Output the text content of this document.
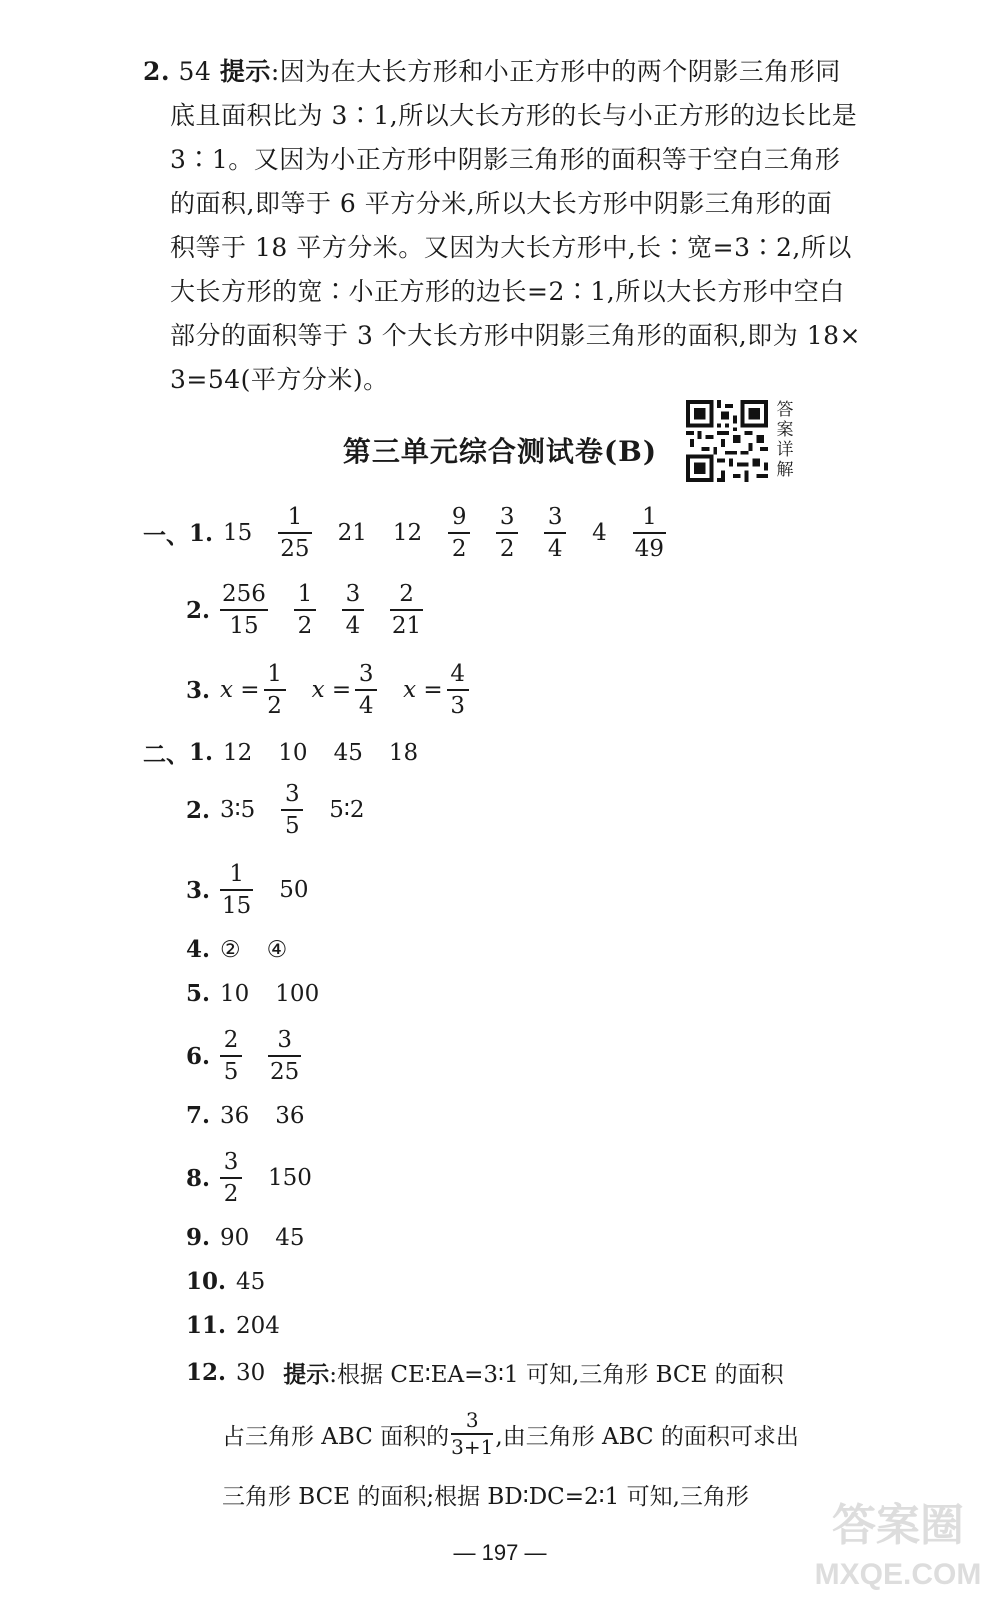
2. 54 提示:因为在大长方形和小正方形中的两个阴影三角形同
底且面积比为 3∶1,所以大长方形的长与小正方形的边长比是
3∶1。又因为小正方形中阴影三角形的面积等于空白三角形
的面积,即等于 6 平方分米,所以大长方形中阴影三角形的面
积等于 18 平方分米。又因为大长方形中,长∶宽=3∶2,所以
大长方形的宽∶小正方形的边长=2∶1,所以大长方形中空白
部分的面积等于 3 个大长方形中阴影三角形的面积,即为 18×
3=54(平方分米)。
答
案
详
解
第三单元综合测试卷(B)
一、 1. $15 \frac{1}{25} 21$ $12 \frac{9}{2} \frac{3}{2} \frac{3}{4} 4 \frac{1}{49}$
2. $\frac{256}{15} \frac{1}{2} \frac{3}{4} \frac{2}{21}$
3. $x = \frac{1}{2}$ $x = \frac{3}{4}$ $x = \frac{4}{3}$
二、 1. 12 10 45 18
2. 3∶5 $\frac{3}{5}$ 5∶2
3. $\frac{1}{15} 50$
4. ② ④
5. 10 100
6. $\frac{2}{5} \frac{3}{25}$
7. 36 36
8. $\frac{3}{2} 150$
9. 90 45
10. 45
11. 204
12. 30 提示 :根据 CE∶EA=3∶1 可知,三角形 BCE 的面积
占三角形 ABC 面积的 $\frac{3}{3+1}$ ,由三角形 ABC 的面积可求出
三角形 BCE 的面积;根据 BD∶DC=2∶1 可知,三角形
— 197 —
答案圈
MXQE.COM
